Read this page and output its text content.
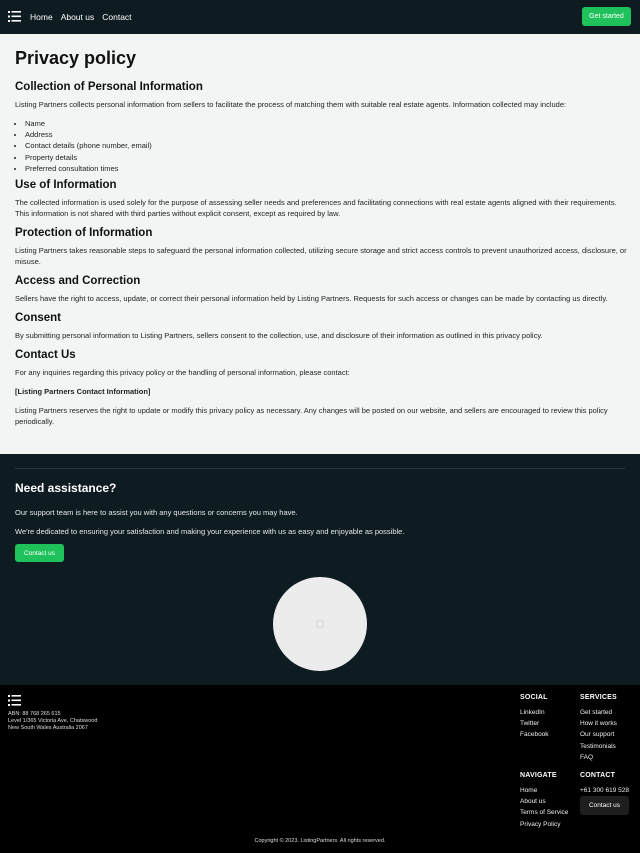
Home About us Contact	Get started
Privacy policy
Collection of Personal Information

Listing Partners collects personal information from sellers to facilitate the process of matching them with suitable real estate agents. Information collected may include:

• Name
• Address
• Contact details (phone number, email)
• Property details
• Preferred consultation times
Use of Information

The collected information is used solely for the purpose of assessing seller needs and preferences and facilitating connections with real estate agents aligned with their requirements. This information is not shared with third parties without explicit consent, except as required by law.

Protection of Information

Listing Partners takes reasonable steps to safeguard the personal information collected, utilizing secure storage and strict access controls to prevent unauthorized access, disclosure, or misuse.

Access and Correction

Sellers have the right to access, update, or correct their personal information held by Listing Partners. Requests for such access or changes can be made by contacting us directly.

Consent

By submitting personal information to Listing Partners, sellers consent to the collection, use, and disclosure of their information as outlined in this privacy policy.

Contact Us

For any inquiries regarding this privacy policy or the handling of personal information, please contact:

[Listing Partners Contact Information]

Listing Partners reserves the right to update or modify this privacy policy as necessary. Any changes will be posted on our website, and sellers are encouraged to review this policy periodically.

Need assistance?
Our support team is here to assist you with any questions or concerns you may have.
We're dedicated to ensuring your satisfaction and making your experience with us as easy and enjoyable as possible.
Contact us
ABN: 88 768 265 615
Level 1/365 Victoria Ave, Chatswood
New South Wales Australia 2067
SOCIAL
LinkedIn
Twitter
Facebook
SERVICES
Get started
How it works
Our support
Testimonials
FAQ
NAVIGATE
Home
About us
Terms of Service
Privacy Policy
CONTACT
+61 300 619 528
Contact us
Copyright © 2023. ListingPartners. All rights reserved.
